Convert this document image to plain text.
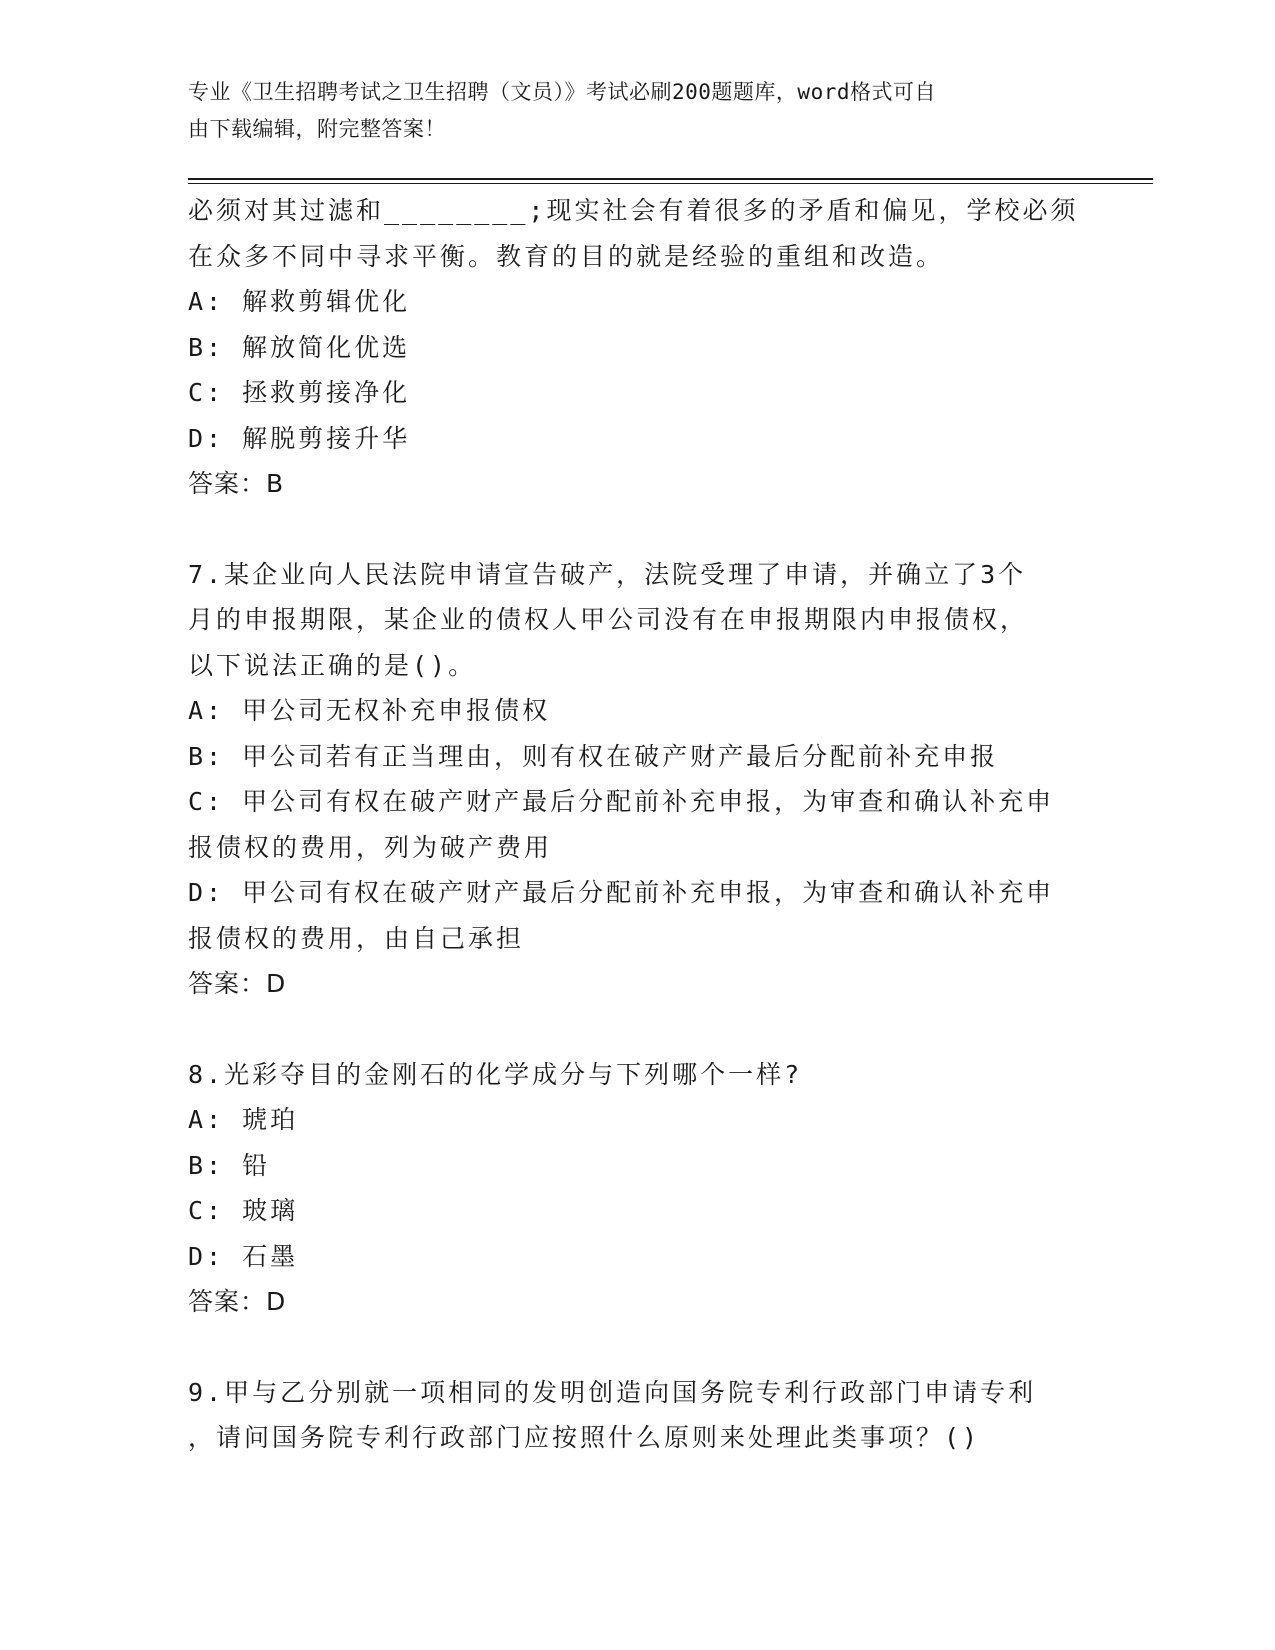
专业《卫生招聘考试之卫生招聘（文员）》考试必刷200题题库，word格式可自
由下载编辑，附完整答案！
必须对其过滤和________;现实社会有着很多的矛盾和偏见，学校必须
在众多不同中寻求平衡。教育的目的就是经验的重组和改造。
A: 解救剪辑优化
B: 解放简化优选
C: 拯救剪接净化
D: 解脱剪接升华
答案：B
7.某企业向人民法院申请宣告破产，法院受理了申请，并确立了3个
月的申报期限，某企业的债权人甲公司没有在申报期限内申报债权，
以下说法正确的是()。
A: 甲公司无权补充申报债权
B: 甲公司若有正当理由，则有权在破产财产最后分配前补充申报
C: 甲公司有权在破产财产最后分配前补充申报，为审查和确认补充申
报债权的费用，列为破产费用
D: 甲公司有权在破产财产最后分配前补充申报，为审查和确认补充申
报债权的费用，由自己承担
答案：D
8.光彩夺目的金刚石的化学成分与下列哪个一样?
A: 琥珀
B: 铅
C: 玻璃
D: 石墨
答案：D
9.甲与乙分别就一项相同的发明创造向国务院专利行政部门申请专利
，请问国务院专利行政部门应按照什么原则来处理此类事项？()
